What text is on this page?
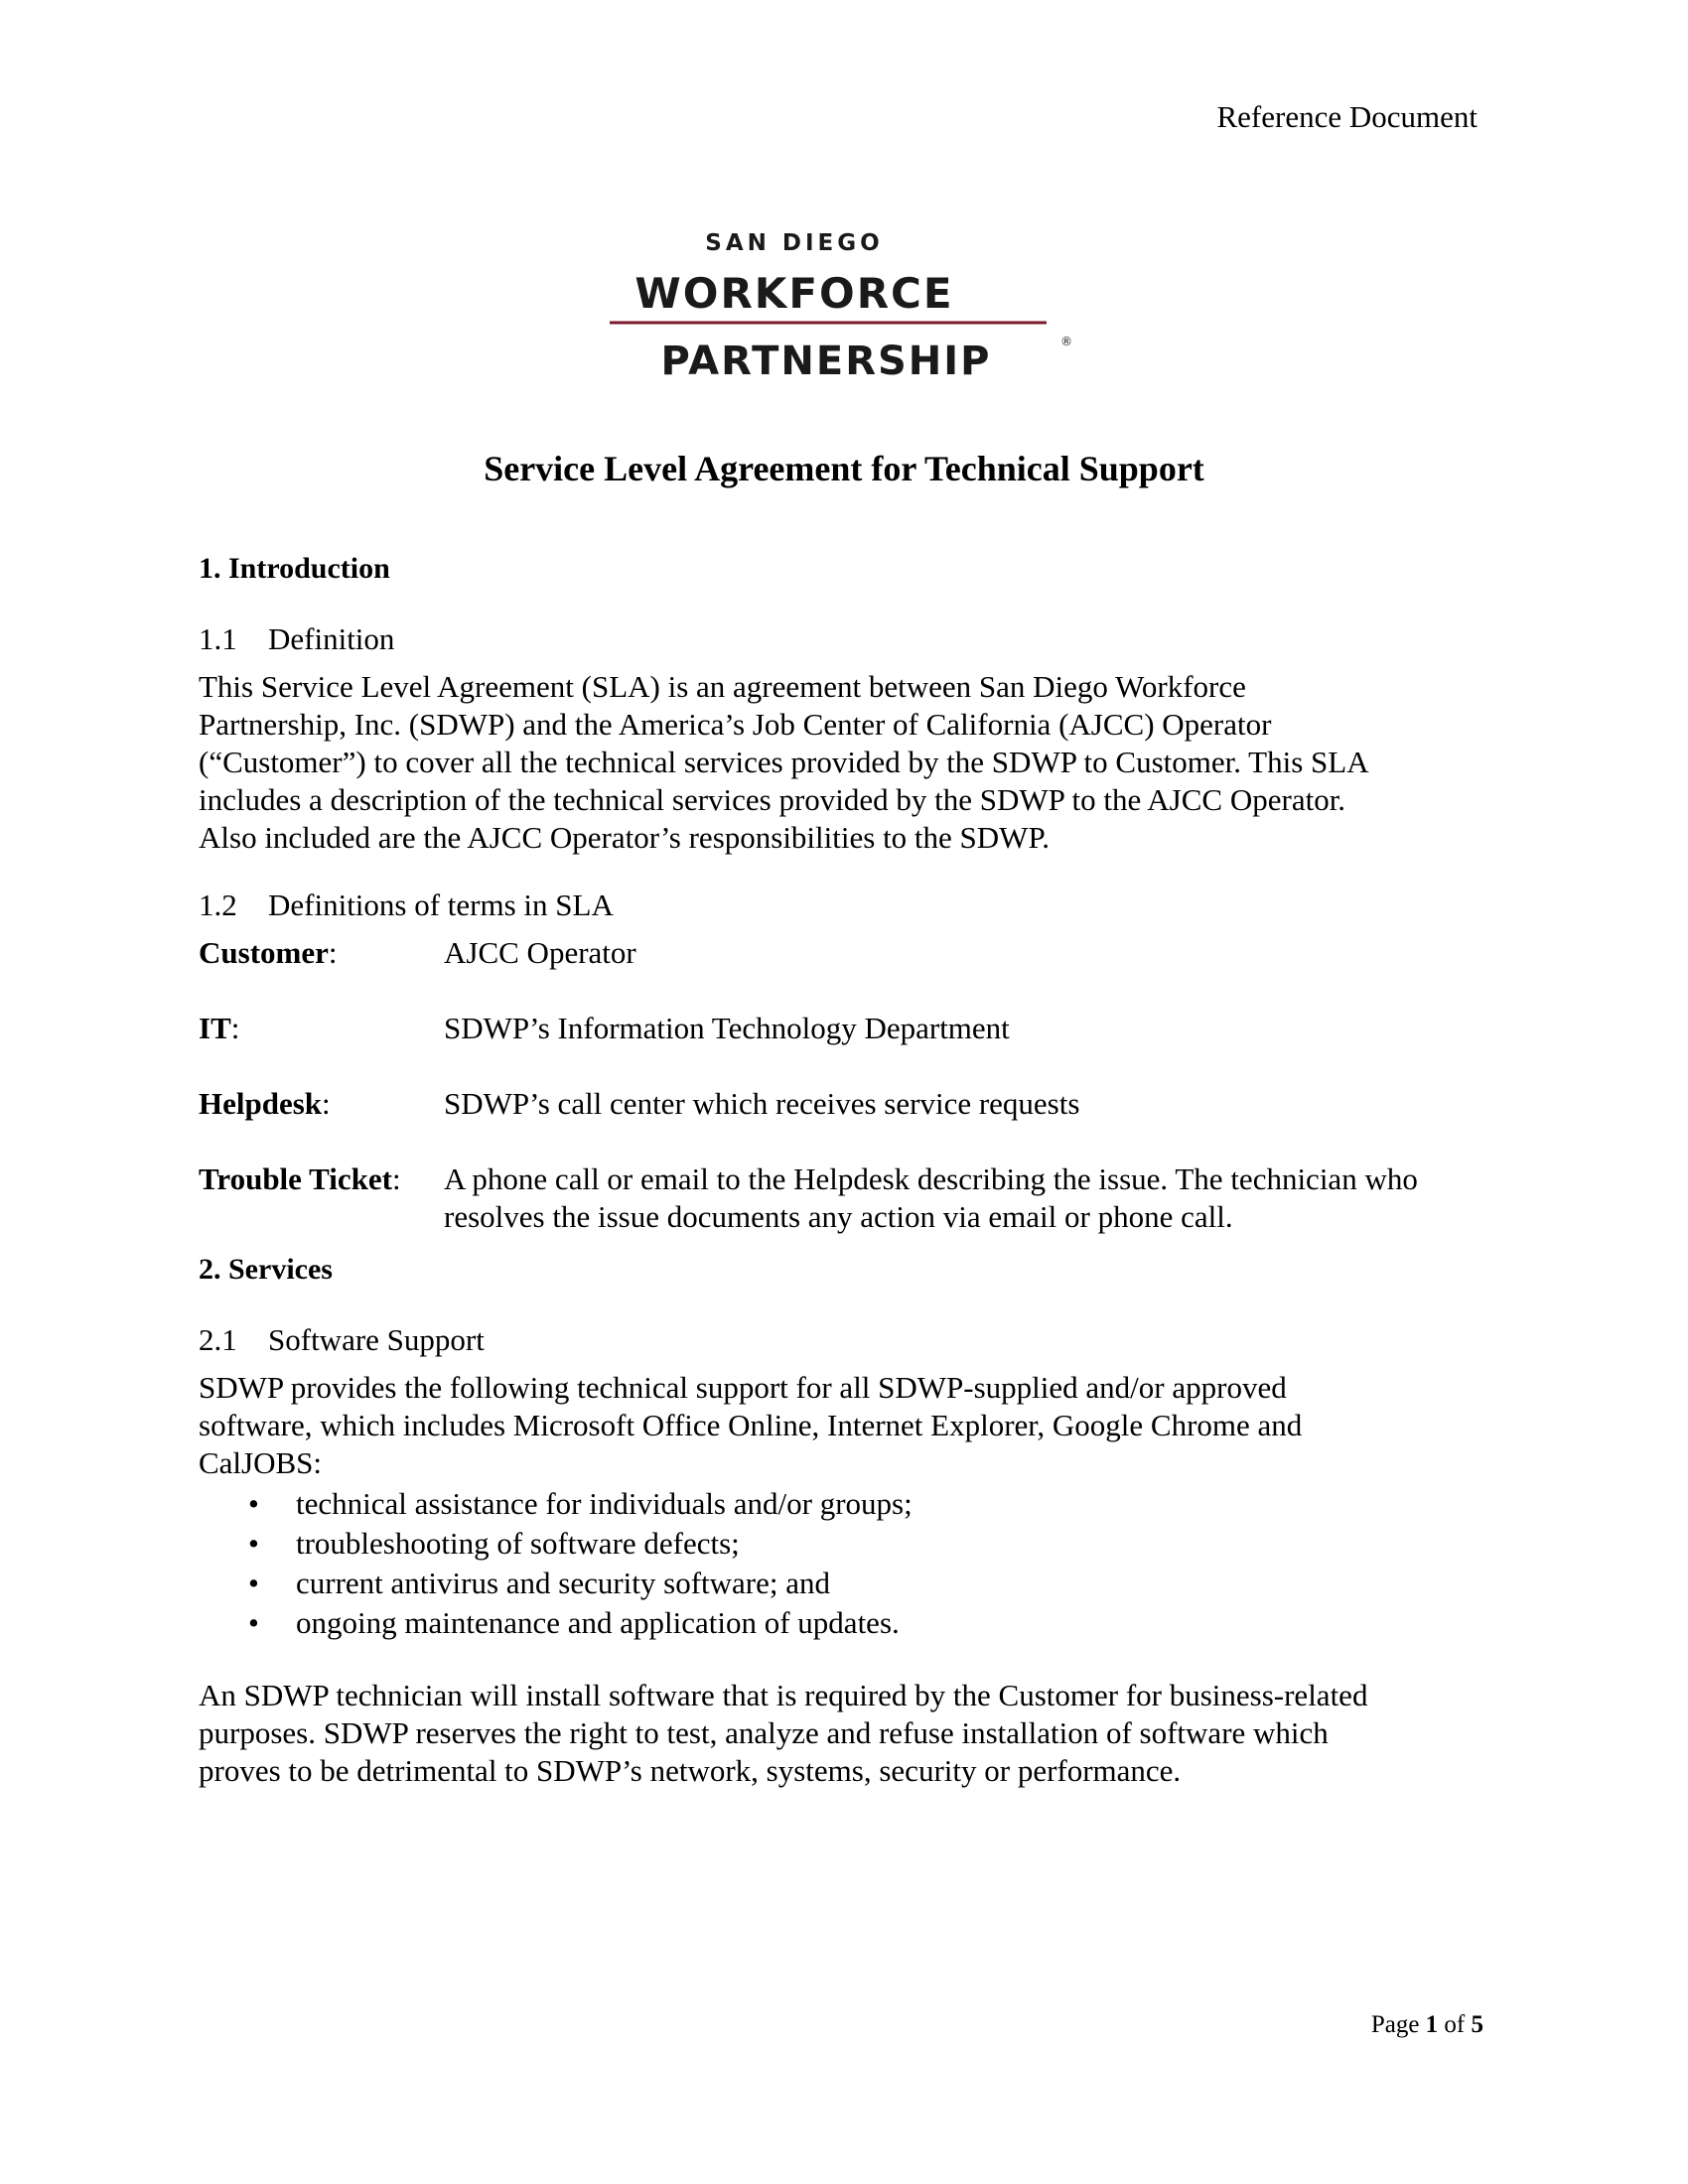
Reference Document
SAN DIEGO
WORKFORCE
PARTNERSHIP	®
Service Level Agreement for Technical Support
1. Introduction
1.1 Definition
This Service Level Agreement (SLA) is an agreement between San Diego Workforce
Partnership, Inc. (SDWP) and the America’s Job Center of California (AJCC) Operator
(“Customer”) to cover all the technical services provided by the SDWP to Customer. This SLA
includes a description of the technical services provided by the SDWP to the AJCC Operator.
Also included are the AJCC Operator’s responsibilities to the SDWP.
1.2 Definitions of terms in SLA
Customer:	AJCC Operator
IT:	SDWP’s Information Technology Department
Helpdesk:	SDWP’s call center which receives service requests
Trouble Ticket:	A phone call or email to the Helpdesk describing the issue. The technician who
resolves the issue documents any action via email or phone call.
2. Services
2.1 Software Support
SDWP provides the following technical support for all SDWP-supplied and/or approved
software, which includes Microsoft Office Online, Internet Explorer, Google Chrome and
CalJOBS:
• technical assistance for individuals and/or groups;
• troubleshooting of software defects;
• current antivirus and security software; and
• ongoing maintenance and application of updates.
An SDWP technician will install software that is required by the Customer for business-related
purposes. SDWP reserves the right to test, analyze and refuse installation of software which
proves to be detrimental to SDWP’s network, systems, security or performance.
Page 1 of 5
